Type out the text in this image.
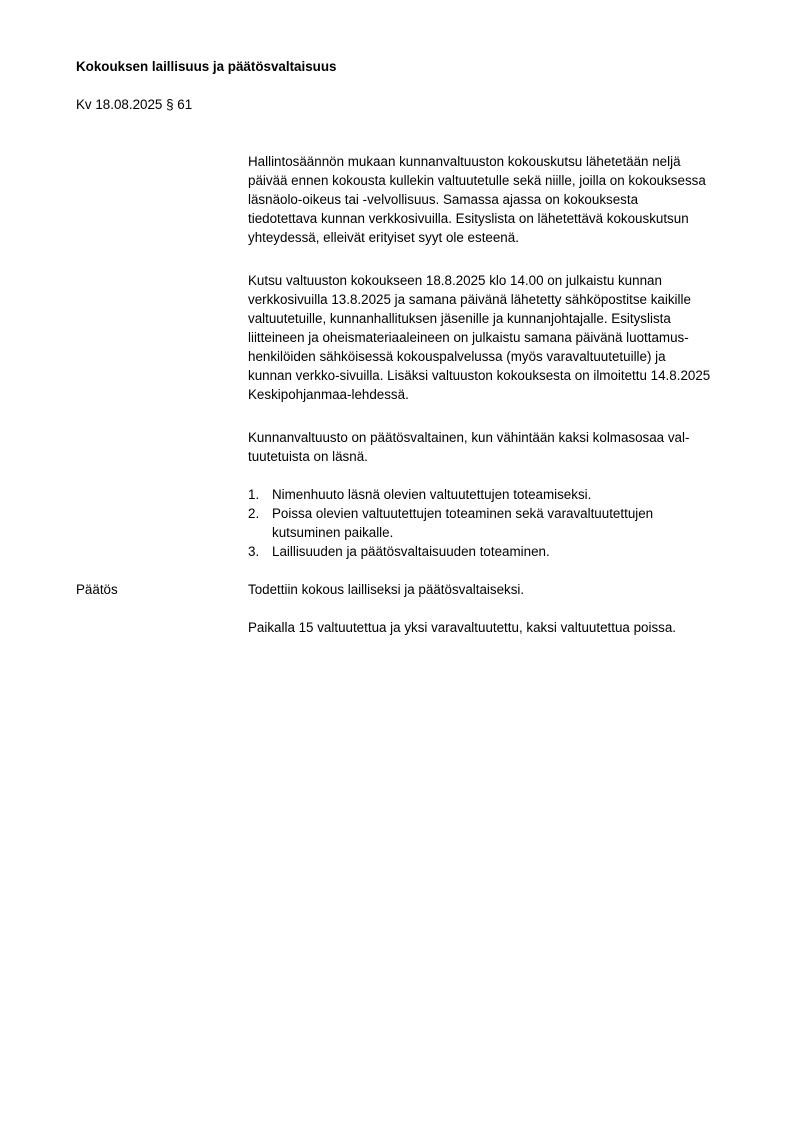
Kokouksen laillisuus ja päätösvaltaisuus

Kv 18.08.2025 § 61

Hallintosäännön mukaan kunnanvaltuuston kokouskutsu lähetetään neljä
päivää ennen kokousta kullekin valtuutetulle sekä niille, joilla on kokouksessa
läsnäolo-oikeus tai -velvollisuus. Samassa ajassa on kokouksesta
tiedotettava kunnan verkkosivuilla. Esityslista on lähetettävä kokouskutsun
yhteydessä, elleivät erityiset syyt ole esteenä.

Kutsu valtuuston kokoukseen 18.8.2025 klo 14.00 on julkaistu kunnan
verkkosivuilla 13.8.2025 ja samana päivänä lähetetty sähköpostitse kaikille
valtuutetuille, kunnanhallituksen jäsenille ja kunnanjohtajalle. Esityslista
liitteineen ja oheismateriaaleineen on julkaistu samana päivänä luottamus-
henkilöiden sähköisessä kokouspalvelussa (myös varavaltuutetuille) ja
kunnan verkko-sivuilla. Lisäksi valtuuston kokouksesta on ilmoitettu 14.8.2025
Keskipohjanmaa-lehdessä.

Kunnanvaltuusto on päätösvaltainen, kun vähintään kaksi kolmasosaa val-
tuutetuista on läsnä.

1. Nimenhuuto läsnä olevien valtuutettujen toteamiseksi.
2. Poissa olevien valtuutettujen toteaminen sekä varavaltuutettujen
kutsuminen paikalle.
3. Laillisuuden ja päätösvaltaisuuden toteaminen.

Päätös	Todettiin kokous lailliseksi ja päätösvaltaiseksi.

Paikalla 15 valtuutettua ja yksi varavaltuutettu, kaksi valtuutettua poissa.
